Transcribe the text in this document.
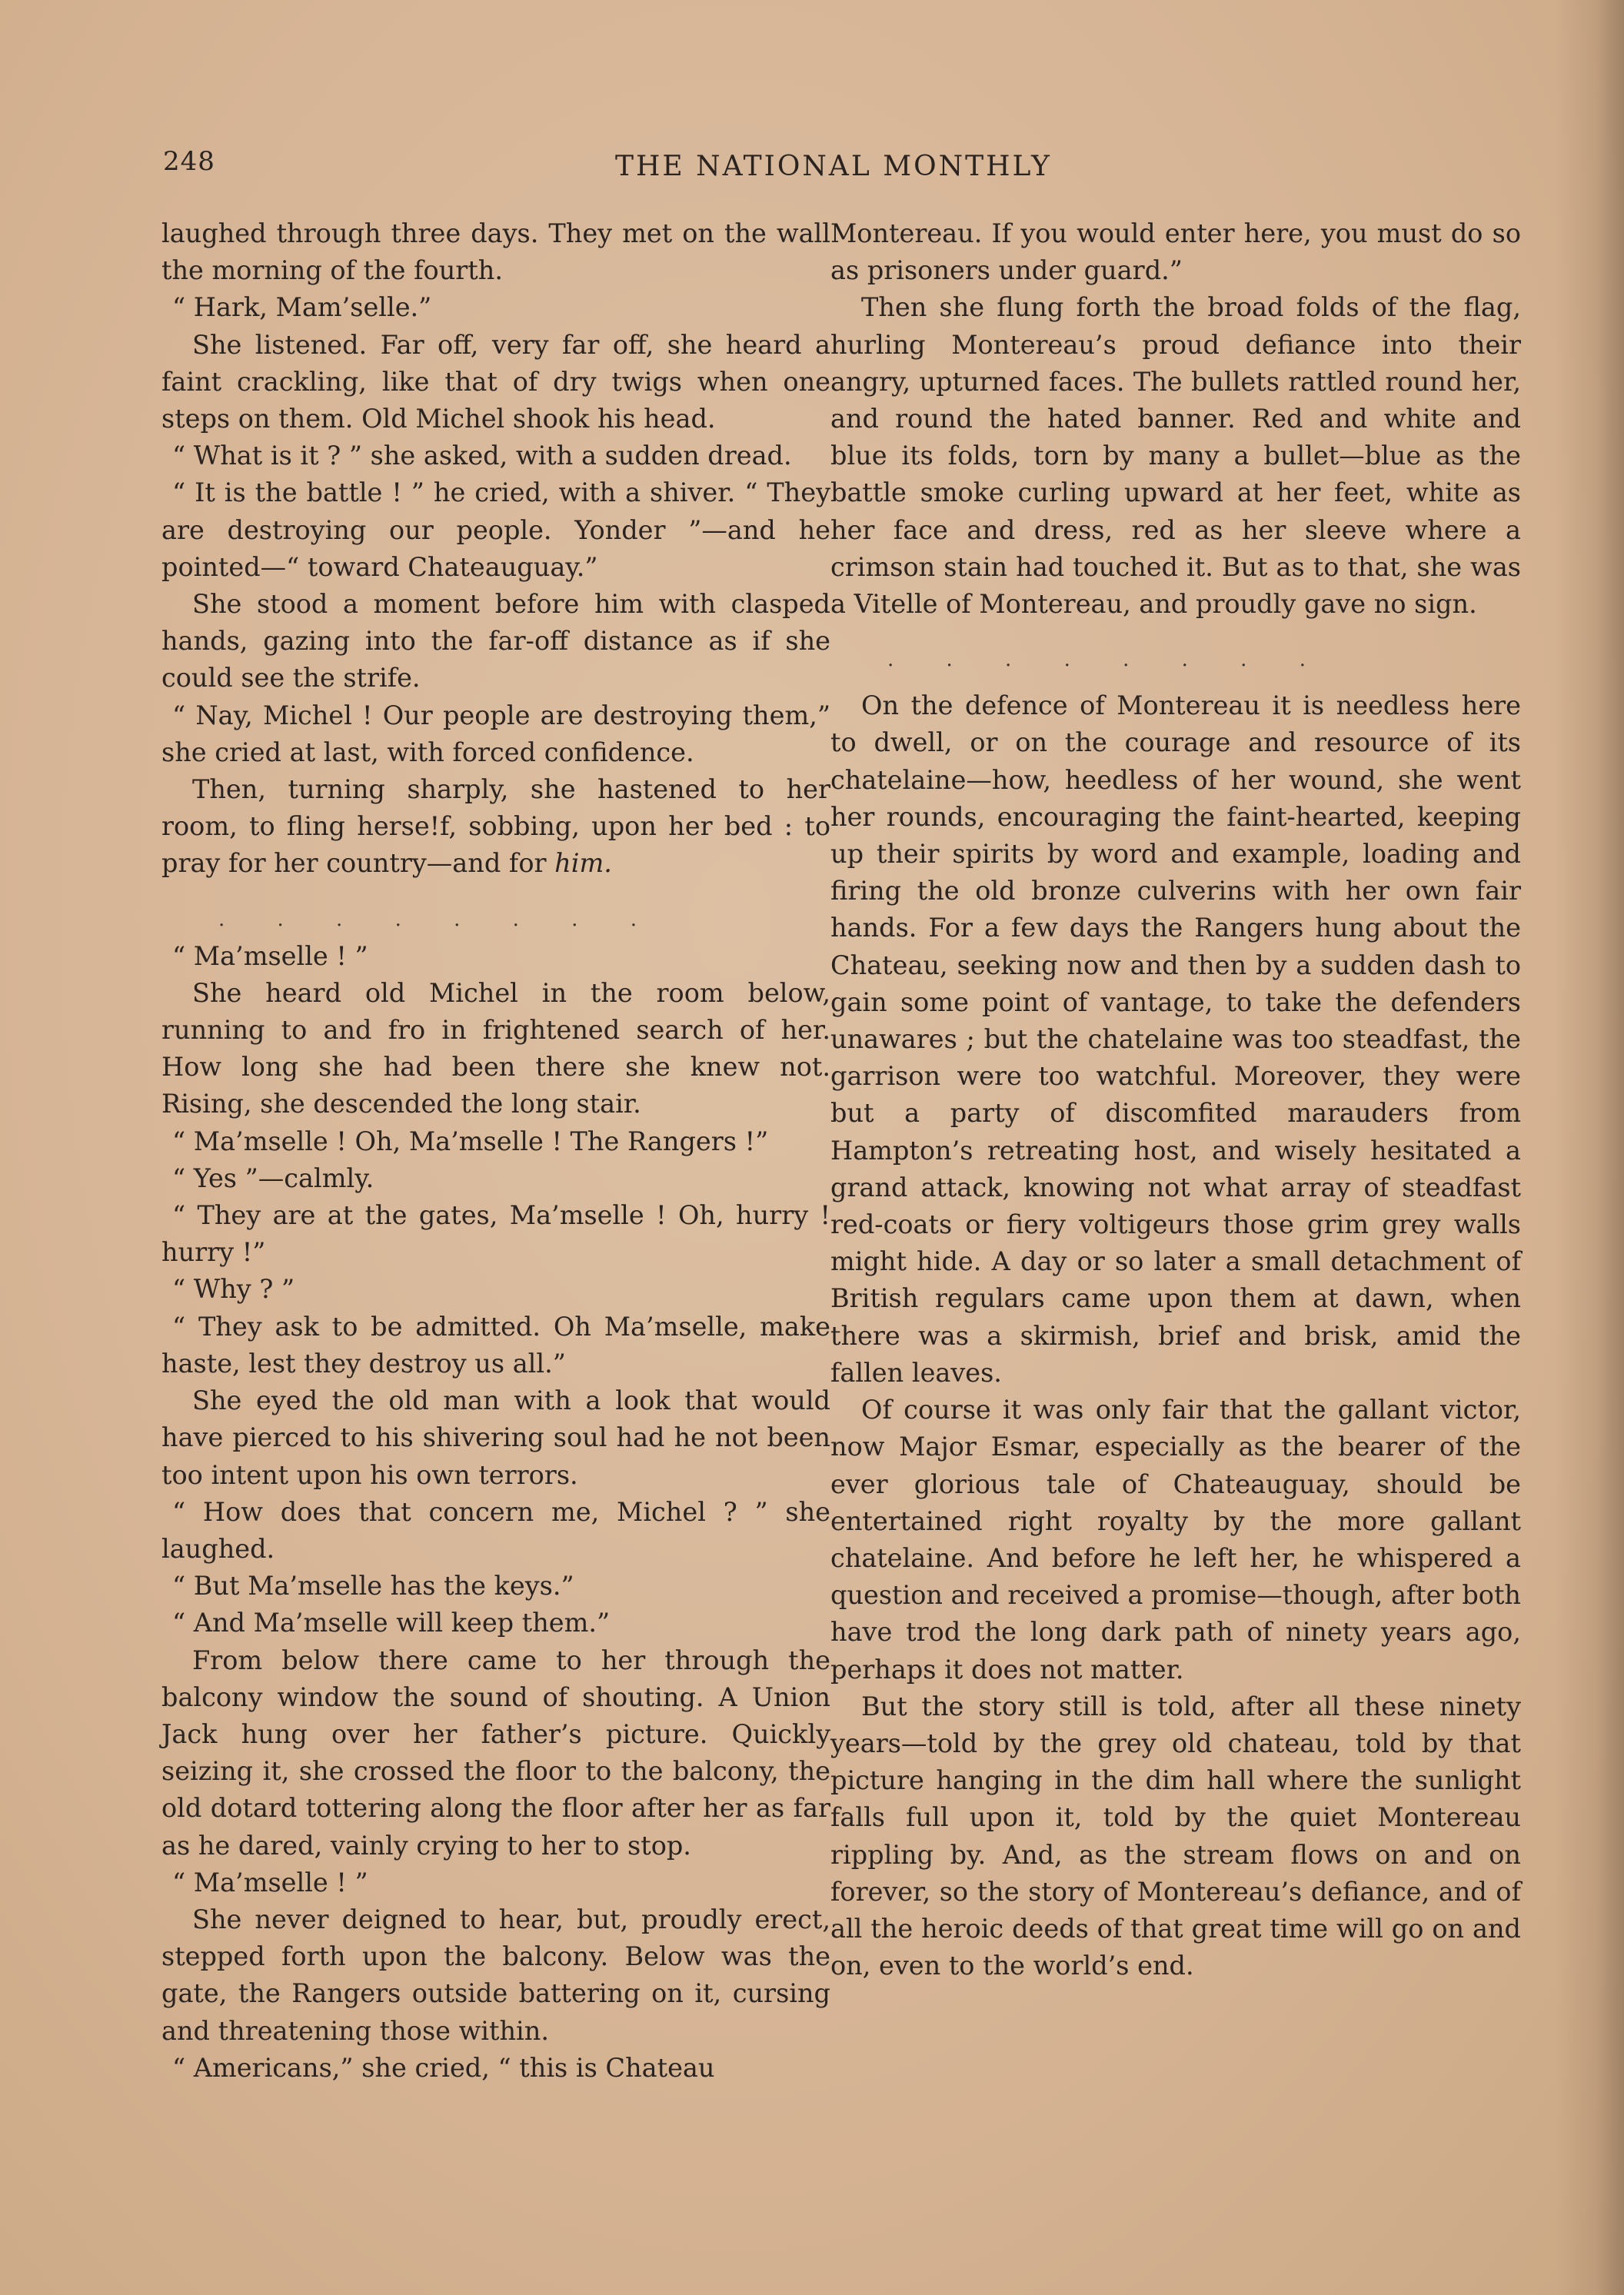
248	THE NATIONAL MONTHLY

laughed through three days. They met on the wall the morning of the fourth.

“ Hark, Mam’selle.”

She listened. Far off, very far off, she heard a faint crackling, like that of dry twigs when one steps on them. Old Michel shook his head.

“ What is it ? ” she asked, with a sudden dread.

“ It is the battle ! ” he cried, with a shiver. “ They are destroying our people. Yonder ”—and he pointed—“ toward Chateauguay.”

She stood a moment before him with clasped hands, gazing into the far-off distance as if she could see the strife.

“ Nay, Michel ! Our people are destroying them,” she cried at last, with forced confidence.

Then, turning sharply, she hastened to her room, to fling herse!f, sobbing, upon her bed : to pray for her country—and for him.

. . . . . . . .

“ Ma’mselle ! ”

She heard old Michel in the room below, running to and fro in frightened search of her. How long she had been there she knew not. Rising, she descended the long stair.

“ Ma’mselle ! Oh, Ma’mselle ! The Rangers !”

“ Yes ”—calmly.

“ They are at the gates, Ma’mselle ! Oh, hurry ! hurry !”

“ Why ? ”

“ They ask to be admitted. Oh Ma’mselle, make haste, lest they destroy us all.”

She eyed the old man with a look that would have pierced to his shivering soul had he not been too intent upon his own terrors.

“ How does that concern me, Michel ? ” she laughed.

“ But Ma’mselle has the keys.”

“ And Ma’mselle will keep them.”

From below there came to her through the balcony window the sound of shouting. A Union Jack hung over her father’s picture. Quickly seizing it, she crossed the floor to the balcony, the old dotard tottering along the floor after her as far as he dared, vainly crying to her to stop.

“ Ma’mselle ! ”

She never deigned to hear, but, proudly erect, stepped forth upon the balcony. Below was the gate, the Rangers outside battering on it, cursing and threatening those within.

“ Americans,” she cried, “ this is Chateau

Montereau. If you would enter here, you must do so as prisoners under guard.”

Then she flung forth the broad folds of the flag, hurling Montereau’s proud defiance into their angry, upturned faces. The bullets rattled round her, and round the hated banner. Red and white and blue its folds, torn by many a bullet—blue as the battle smoke curling upward at her feet, white as her face and dress, red as her sleeve where a crimson stain had touched it. But as to that, she was a Vitelle of Montereau, and proudly gave no sign.

. . . . . . . .

On the defence of Montereau it is needless here to dwell, or on the courage and resource of its chatelaine—how, heedless of her wound, she went her rounds, encouraging the faint-hearted, keeping up their spirits by word and example, loading and firing the old bronze culverins with her own fair hands. For a few days the Rangers hung about the Chateau, seeking now and then by a sudden dash to gain some point of vantage, to take the defenders unawares ; but the chatelaine was too steadfast, the garrison were too watchful. Moreover, they were but a party of discomfited marauders from Hampton’s retreating host, and wisely hesitated a grand attack, knowing not what array of steadfast red-coats or fiery voltigeurs those grim grey walls might hide. A day or so later a small detachment of British regulars came upon them at dawn, when there was a skirmish, brief and brisk, amid the fallen leaves.

Of course it was only fair that the gallant victor, now Major Esmar, especially as the bearer of the ever glorious tale of Chateauguay, should be entertained right royalty by the more gallant chatelaine. And before he left her, he whispered a question and received a promise—though, after both have trod the long dark path of ninety years ago, perhaps it does not matter.

But the story still is told, after all these ninety years—told by the grey old chateau, told by that picture hanging in the dim hall where the sunlight falls full upon it, told by the quiet Montereau rippling by. And, as the stream flows on and on forever, so the story of Montereau’s defiance, and of all the heroic deeds of that great time will go on and on, even to the world’s end.
